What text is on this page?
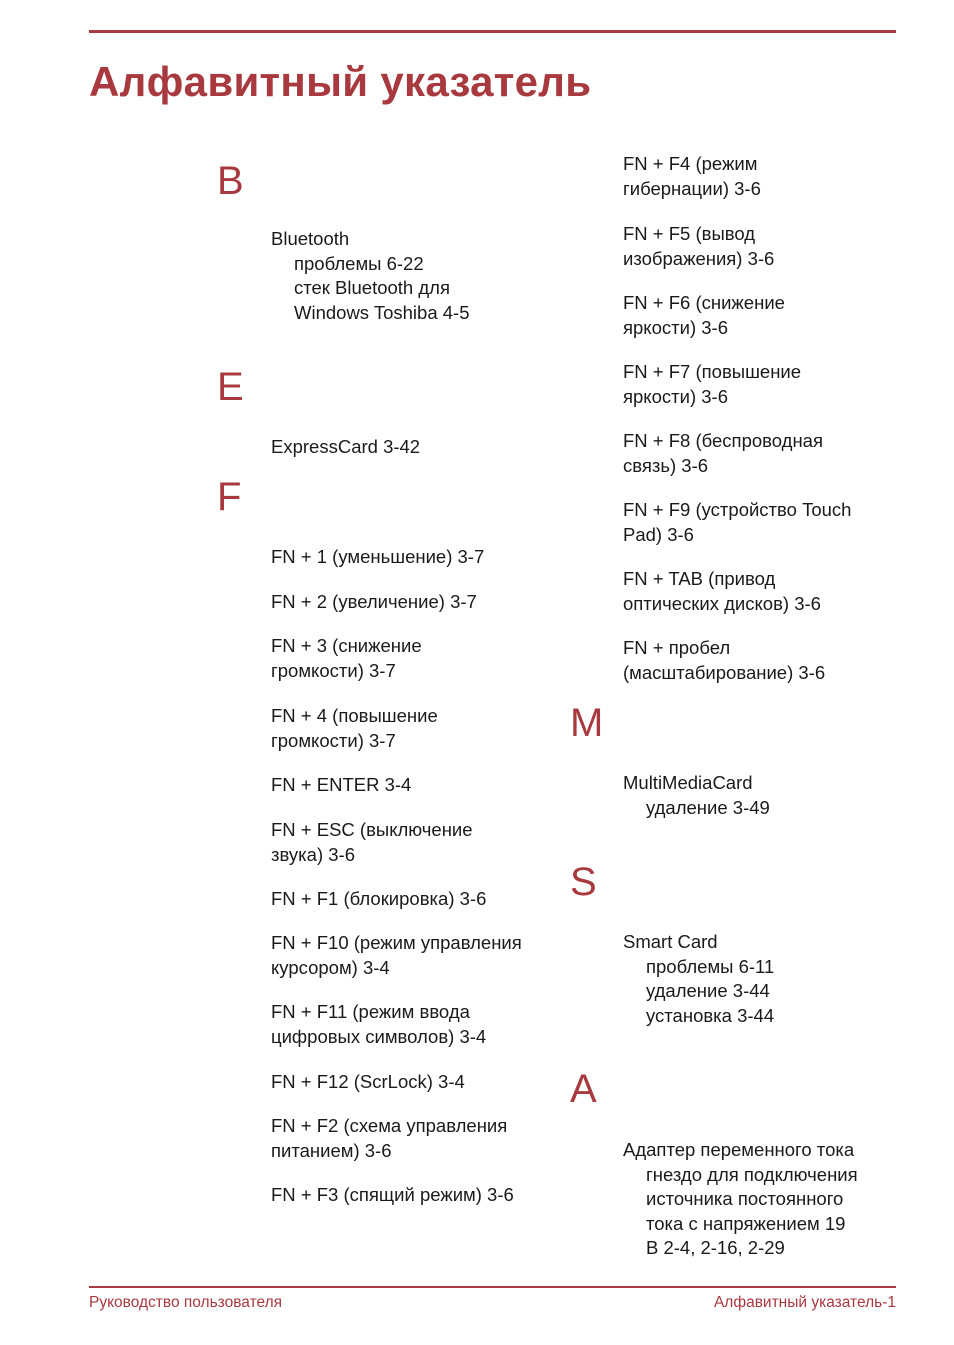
Алфавитный указатель
B
Bluetooth
проблемы 6-22
стек Bluetooth для
Windows Toshiba 4-5
E
ExpressCard 3-42
F
FN + 1 (уменьшение) 3-7
FN + 2 (увеличение) 3-7
FN + 3 (снижение
громкости) 3-7
FN + 4 (повышение
громкости) 3-7
FN + ENTER 3-4
FN + ESC (выключение
звука) 3-6
FN + F1 (блокировка) 3-6
FN + F10 (режим управления
курсором) 3-4
FN + F11 (режим ввода
цифровых символов) 3-4
FN + F12 (ScrLock) 3-4
FN + F2 (схема управления
питанием) 3-6
FN + F3 (спящий режим) 3-6
FN + F4 (режим
гибернации) 3-6
FN + F5 (вывод
изображения) 3-6
FN + F6 (снижение
яркости) 3-6
FN + F7 (повышение
яркости) 3-6
FN + F8 (беспроводная
связь) 3-6
FN + F9 (устройство Touch
Pad) 3-6
FN + TAB (привод
оптических дисков) 3-6
FN + пробел
(масштабирование) 3-6
M
MultiMediaCard
удаление 3-49
S
Smart Card
проблемы 6-11
удаление 3-44
установка 3-44
A
Адаптер переменного тока
гнездо для подключения
источника постоянного
тока с напряжением 19
В 2-4, 2-16, 2-29
Руководство пользователя	Алфавитный указатель-1
